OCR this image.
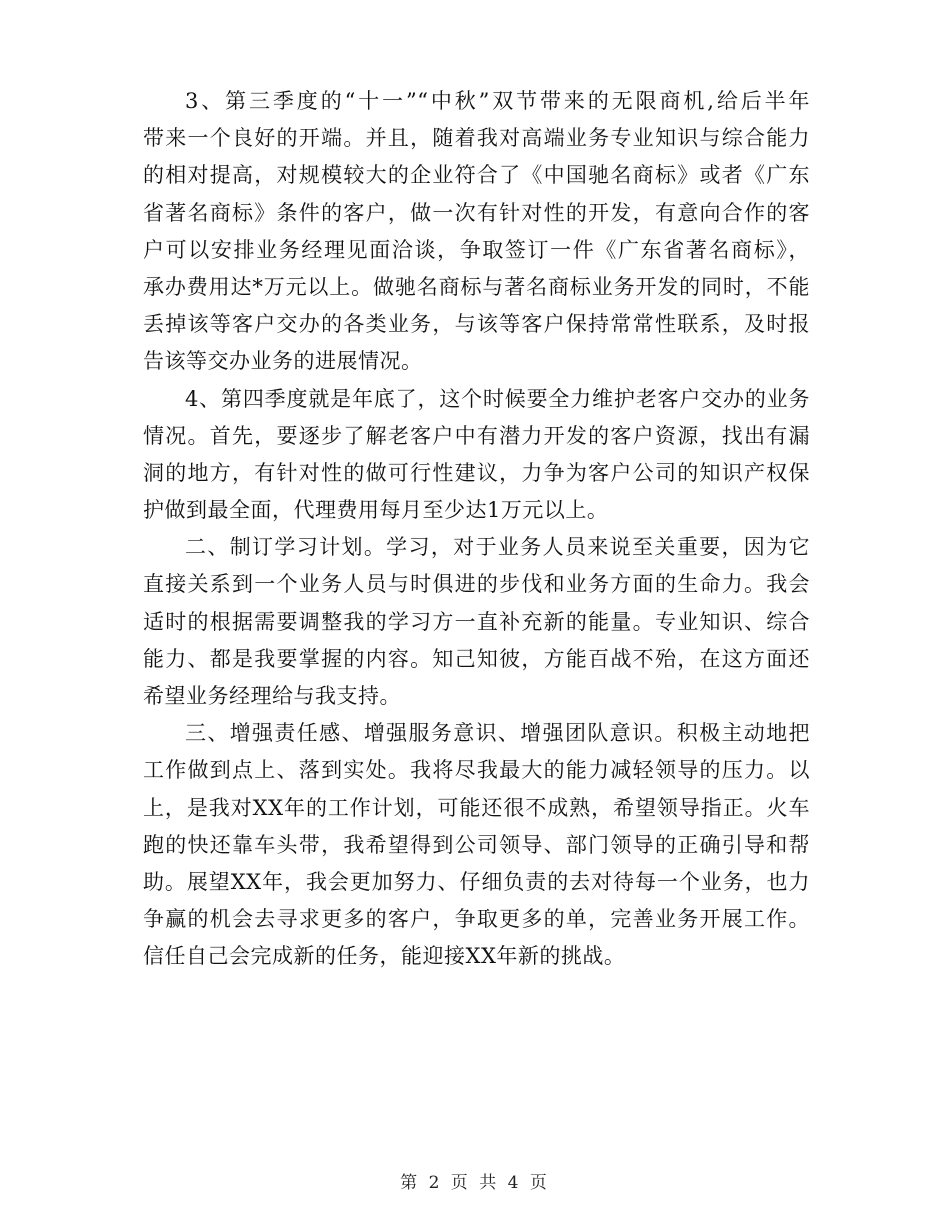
3、第三季度的“十一”“中秋”双节带来的无限商机,给后半年
带来一个良好的开端。并且，随着我对高端业务专业知识与综合能力
的相对提高，对规模较大的企业符合了《中国驰名商标》或者《广东
省著名商标》条件的客户，做一次有针对性的开发，有意向合作的客
户可以安排业务经理见面洽谈，争取签订一件《广东省著名商标》，
承办费用达*万元以上。做驰名商标与著名商标业务开发的同时，不能
丢掉该等客户交办的各类业务，与该等客户保持常常性联系，及时报
告该等交办业务的进展情况。
4、第四季度就是年底了，这个时候要全力维护老客户交办的业务
情况。首先，要逐步了解老客户中有潜力开发的客户资源，找出有漏
洞的地方，有针对性的做可行性建议，力争为客户公司的知识产权保
护做到最全面，代理费用每月至少达1万元以上。
二、制订学习计划。学习，对于业务人员来说至关重要，因为它
直接关系到一个业务人员与时俱进的步伐和业务方面的生命力。我会
适时的根据需要调整我的学习方一直补充新的能量。专业知识、综合
能力、都是我要掌握的内容。知己知彼，方能百战不殆，在这方面还
希望业务经理给与我支持。
三、增强责任感、增强服务意识、增强团队意识。积极主动地把
工作做到点上、落到实处。我将尽我最大的能力减轻领导的压力。以
上，是我对XX年的工作计划，可能还很不成熟，希望领导指正。火车
跑的快还靠车头带，我希望得到公司领导、部门领导的正确引导和帮
助。展望XX年，我会更加努力、仔细负责的去对待每一个业务，也力
争赢的机会去寻求更多的客户，争取更多的单，完善业务开展工作。
信任自己会完成新的任务，能迎接XX年新的挑战。
第 2 页 共 4 页
